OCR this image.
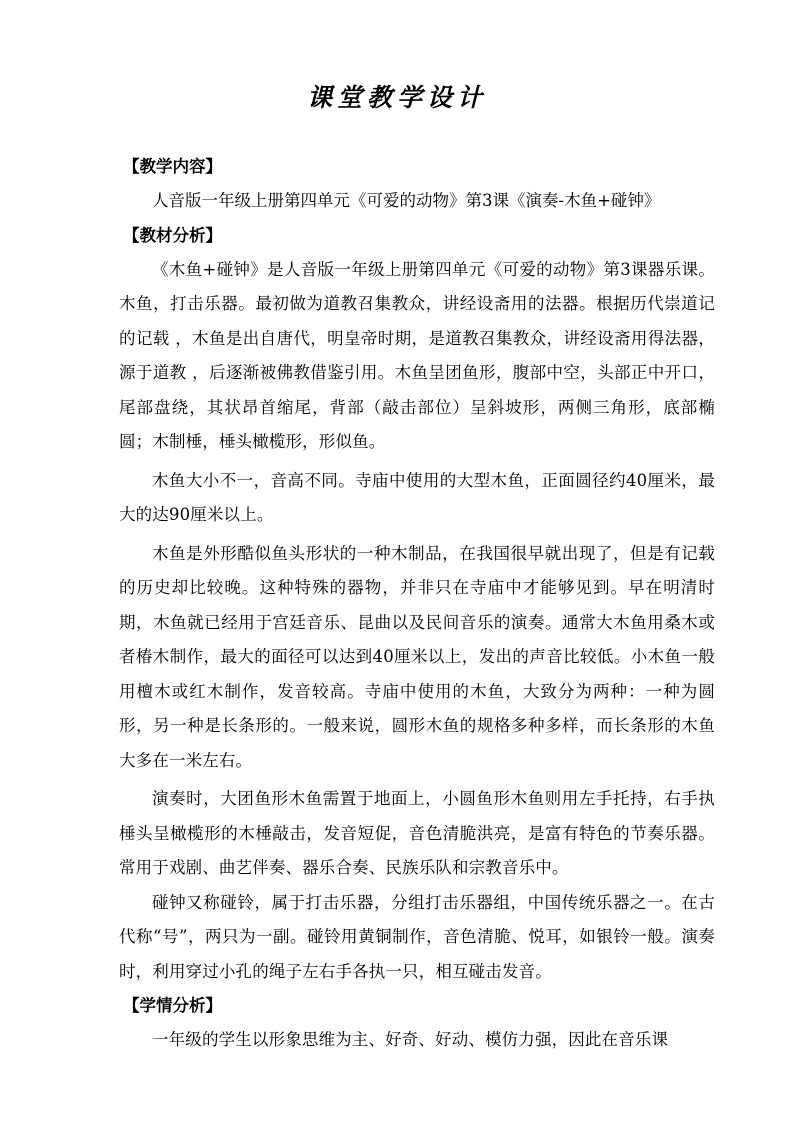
课堂教学设计
【教学内容】
人音版一年级上册第四单元《可爱的动物》第3课《演奏-木鱼+碰钟》
【教材分析】
《木鱼+碰钟》是人音版一年级上册第四单元《可爱的动物》第3课器乐课。木鱼，打击乐器。最初做为道教召集教众，讲经设斋用的法器。根据历代崇道记的记载 ，木鱼是出自唐代，明皇帝时期，是道教召集教众，讲经设斋用得法器，源于道教 ，后逐渐被佛教借鉴引用。木鱼呈团鱼形，腹部中空，头部正中开口，尾部盘绕，其状昂首缩尾，背部（敲击部位）呈斜坡形，两侧三角形，底部椭圆；木制棰，棰头橄榄形，形似鱼。
木鱼大小不一，音高不同。寺庙中使用的大型木鱼，正面圆径约40厘米，最大的达90厘米以上。
木鱼是外形酷似鱼头形状的一种木制品，在我国很早就出现了，但是有记载的历史却比较晚。这种特殊的器物，并非只在寺庙中才能够见到。早在明清时期，木鱼就已经用于宫廷音乐、昆曲以及民间音乐的演奏。通常大木鱼用桑木或者椿木制作，最大的面径可以达到40厘米以上，发出的声音比较低。小木鱼一般用檀木或红木制作，发音较高。寺庙中使用的木鱼，大致分为两种：一种为圆形，另一种是长条形的。一般来说，圆形木鱼的规格多种多样，而长条形的木鱼大多在一米左右。
演奏时，大团鱼形木鱼需置于地面上，小圆鱼形木鱼则用左手托持，右手执棰头呈橄榄形的木棰敲击，发音短促，音色清脆洪亮，是富有特色的节奏乐器。常用于戏剧、曲艺伴奏、器乐合奏、民族乐队和宗教音乐中。
碰钟又称碰铃，属于打击乐器，分组打击乐器组，中国传统乐器之一。在古代称“号”，两只为一副。碰铃用黄铜制作，音色清脆、悦耳，如银铃一般。演奏时，利用穿过小孔的绳子左右手各执一只，相互碰击发音。
【学情分析】
一年级的学生以形象思维为主、好奇、好动、模仿力强，因此在音乐课
